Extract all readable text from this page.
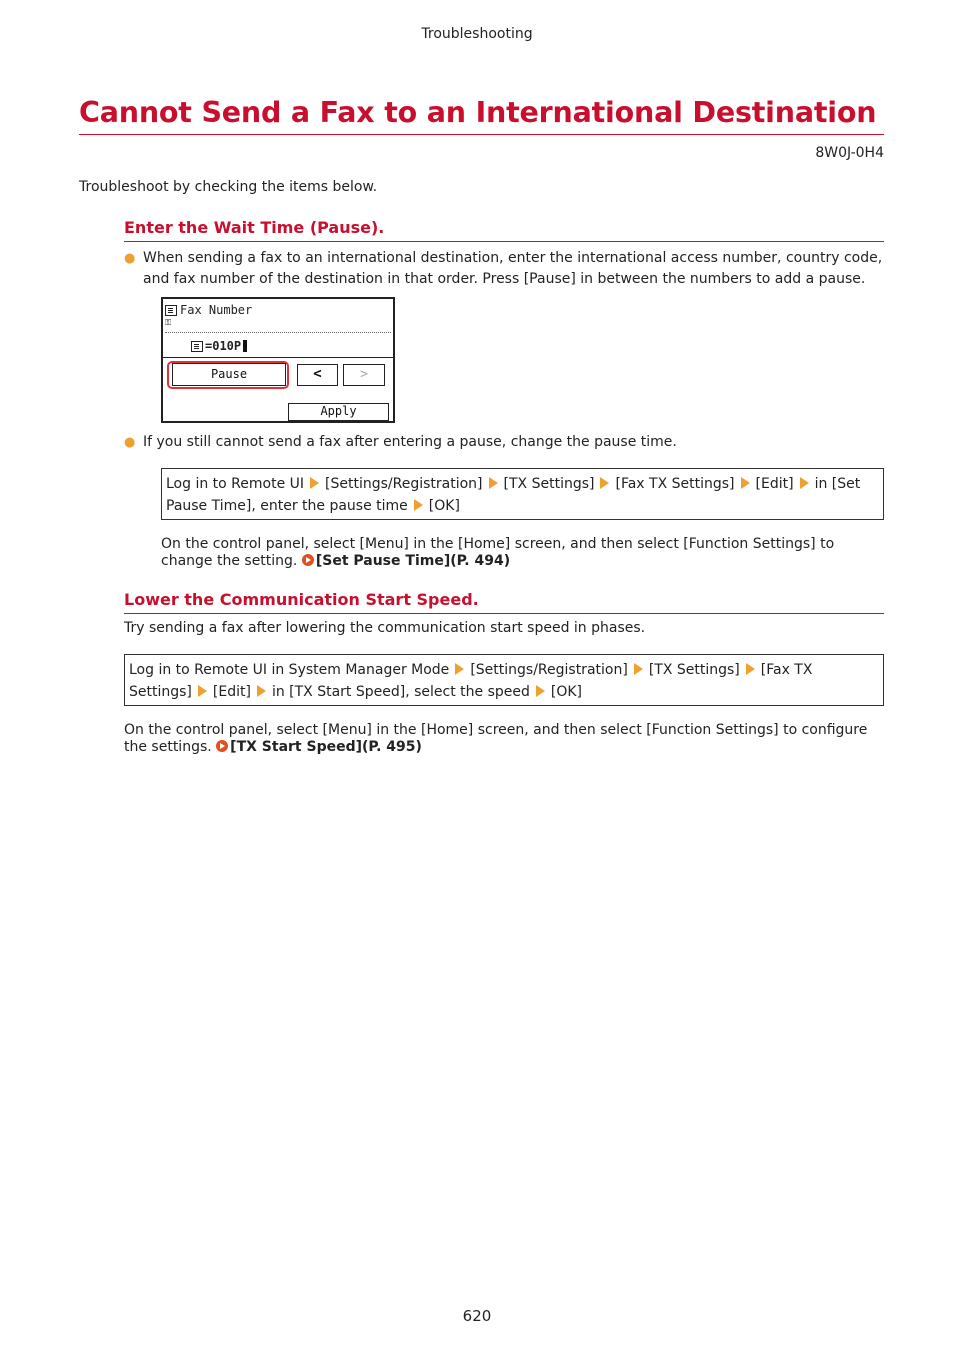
Troubleshooting
Cannot Send a Fax to an International Destination
8W0J-0H4
Troubleshoot by checking the items below.
Enter the Wait Time (Pause).
● When sending a fax to an international destination, enter the international access number, country code, and fax number of the destination in that order. Press [Pause] in between the numbers to add a pause.
Fax Number
⚿
=010P
Pause	<	>
Apply
● If you still cannot send a fax after entering a pause, change the pause time.
Log in to Remote UI [Settings/Registration] [TX Settings] [Fax TX Settings] [Edit] in [Set Pause Time], enter the pause time [OK]
On the control panel, select [Menu] in the [Home] screen, and then select [Function Settings] to change the setting. [Set Pause Time](P. 494)
Lower the Communication Start Speed.
Try sending a fax after lowering the communication start speed in phases.
Log in to Remote UI in System Manager Mode [Settings/Registration] [TX Settings] [Fax TX Settings] [Edit] in [TX Start Speed], select the speed [OK]
On the control panel, select [Menu] in the [Home] screen, and then select [Function Settings] to configure the settings. [TX Start Speed](P. 495)
620
